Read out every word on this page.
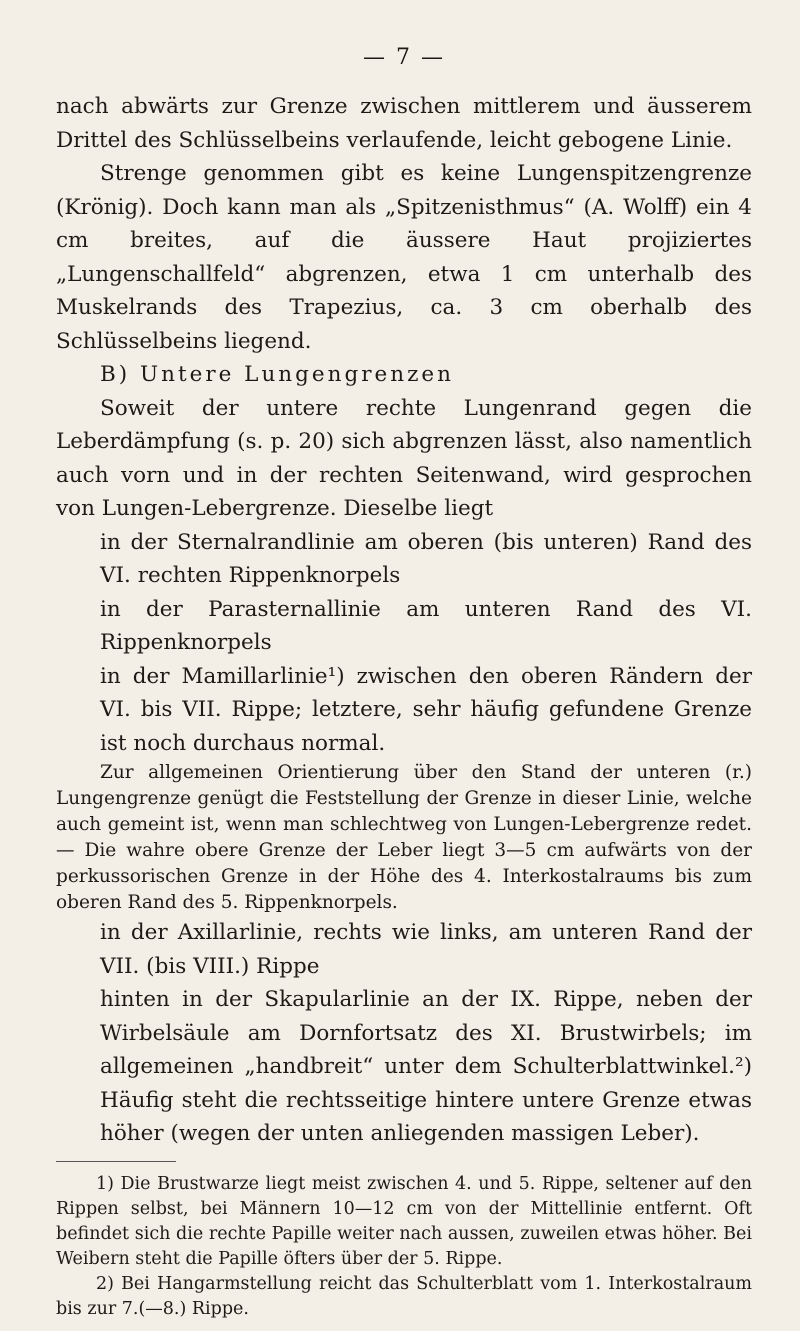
— 7 —

nach abwärts zur Grenze zwischen mittlerem und äusserem Drittel des Schlüsselbeins verlaufende, leicht gebogene Linie.

Strenge genommen gibt es keine Lungenspitzengrenze (Krönig). Doch kann man als „Spitzenisthmus“ (A. Wolff) ein 4 cm breites, auf die äussere Haut projiziertes „Lungenschallfeld“ abgrenzen, etwa 1 cm unterhalb des Muskelrands des Trapezius, ca. 3 cm oberhalb des Schlüsselbeins liegend.

B) Untere Lungengrenzen

Soweit der untere rechte Lungenrand gegen die Leberdämpfung (s. p. 20) sich abgrenzen lässt, also namentlich auch vorn und in der rechten Seitenwand, wird gesprochen von Lungen-Lebergrenze. Dieselbe liegt

in der Sternalrandlinie am oberen (bis unteren) Rand des VI. rechten Rippenknorpels

in der Parasternallinie am unteren Rand des VI. Rippenknorpels

in der Mamillarlinie¹) zwischen den oberen Rändern der VI. bis VII. Rippe; letztere, sehr häufig gefundene Grenze ist noch durchaus normal.

Zur allgemeinen Orientierung über den Stand der unteren (r.) Lungengrenze genügt die Feststellung der Grenze in dieser Linie, welche auch gemeint ist, wenn man schlechtweg von Lungen-Lebergrenze redet. — Die wahre obere Grenze der Leber liegt 3—5 cm aufwärts von der perkussorischen Grenze in der Höhe des 4. Interkostalraums bis zum oberen Rand des 5. Rippenknorpels.

in der Axillarlinie, rechts wie links, am unteren Rand der VII. (bis VIII.) Rippe

hinten in der Skapularlinie an der IX. Rippe, neben der Wirbelsäule am Dornfortsatz des XI. Brustwirbels; im allgemeinen „handbreit“ unter dem Schulterblattwinkel.²) Häufig steht die rechtsseitige hintere untere Grenze etwas höher (wegen der unten anliegenden massigen Leber).

1) Die Brustwarze liegt meist zwischen 4. und 5. Rippe, seltener auf den Rippen selbst, bei Männern 10—12 cm von der Mittellinie entfernt. Oft befindet sich die rechte Papille weiter nach aussen, zuweilen etwas höher. Bei Weibern steht die Papille öfters über der 5. Rippe.

2) Bei Hangarmstellung reicht das Schulterblatt vom 1. Interkostalraum bis zur 7.(—8.) Rippe.
